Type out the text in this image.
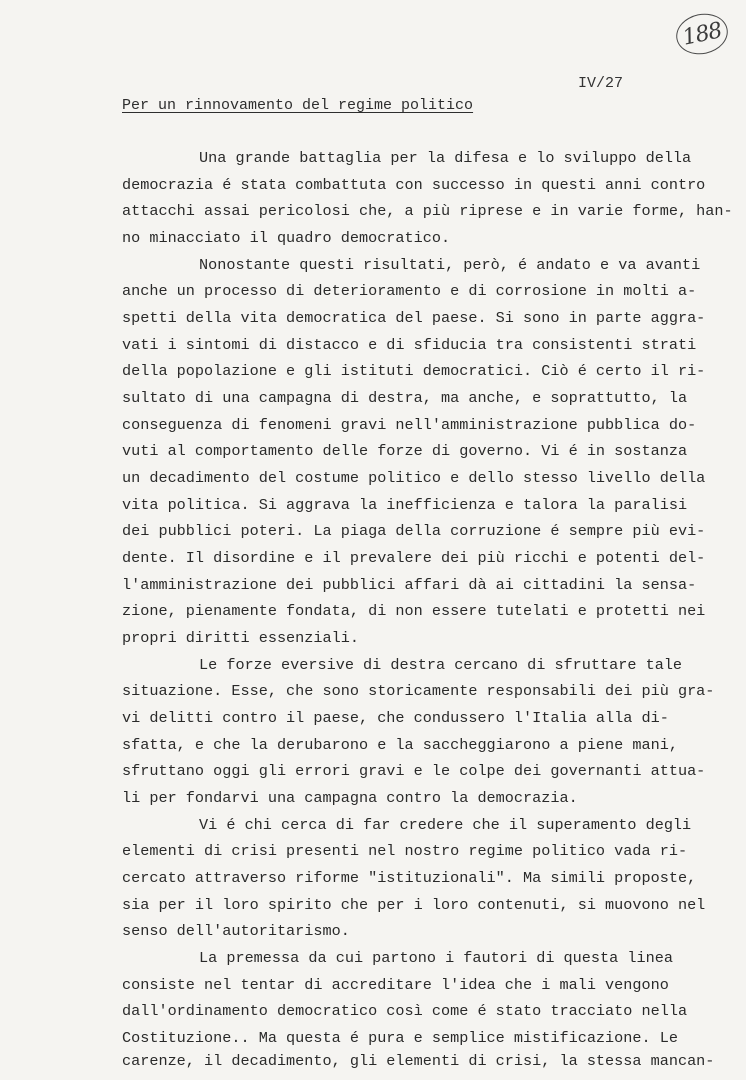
188
IV/27
Per un rinnovamento del regime politico
Una grande battaglia per la difesa e lo sviluppo della
democrazia é stata combattuta con successo in questi anni contro
attacchi assai pericolosi che, a più riprese e in varie forme, han-
no minacciato il quadro democratico.
Nonostante questi risultati, però, é andato e va avanti
anche un processo di deterioramento e di corrosione in molti a-
spetti della vita democratica del paese. Si sono in parte aggra-
vati i sintomi di distacco e di sfiducia tra consistenti strati
della popolazione e gli istituti democratici. Ciò é certo il ri-
sultato di una campagna di destra, ma anche, e soprattutto, la
conseguenza di fenomeni gravi nell'amministrazione pubblica do-
vuti al comportamento delle forze di governo. Vi é in sostanza
un decadimento del costume politico e dello stesso livello della
vita politica. Si aggrava la inefficienza e talora la paralisi
dei pubblici poteri. La piaga della corruzione é sempre più evi-
dente. Il disordine e il prevalere dei più ricchi e potenti del-
l'amministrazione dei pubblici affari dà ai cittadini la sensa-
zione, pienamente fondata, di non essere tutelati e protetti nei
propri diritti essenziali.
Le forze eversive di destra cercano di sfruttare tale
situazione. Esse, che sono storicamente responsabili dei più gra-
vi delitti contro il paese, che condussero l'Italia alla di-
sfatta, e che la derubarono e la saccheggiarono a piene mani,
sfruttano oggi gli errori gravi e le colpe dei governanti attua-
li per fondarvi una campagna contro la democrazia.
Vi é chi cerca di far credere che il superamento degli
elementi di crisi presenti nel nostro regime politico vada ri-
cercato attraverso riforme "istituzionali". Ma simili proposte,
sia per il loro spirito che per i loro contenuti, si muovono nel
senso dell'autoritarismo.
La premessa da cui partono i fautori di questa linea
consiste nel tentar di accreditare l'idea che i mali vengono
dall'ordinamento democratico così come é stato tracciato nella
Costituzione.. Ma questa é pura e semplice mistificazione. Le
carenze, il decadimento, gli elementi di crisi, la stessa mancan-
